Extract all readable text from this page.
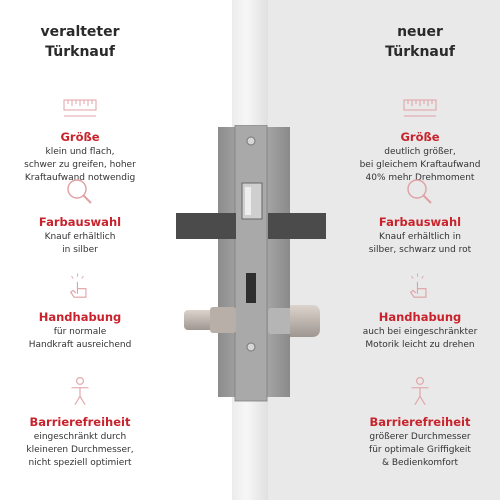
veralteter
Türknauf
neuer
Türknauf
Größe
klein und flach,
schwer zu greifen, hoher
Kraftaufwand notwendig
Farbauswahl
Knauf erhältlich
in silber
Handhabung
für normale
Handkraft ausreichend
Barrierefreiheit
eingeschränkt durch
kleineren Durchmesser,
nicht speziell optimiert
Größe
deutlich größer,
bei gleichem Kraftaufwand
40% mehr Drehmoment
Farbauswahl
Knauf erhältlich in
silber, schwarz und rot
Handhabung
auch bei eingeschränkter
Motorik leicht zu drehen
Barrierefreiheit
größerer Durchmesser
für optimale Griffigkeit
& Bedienkomfort
